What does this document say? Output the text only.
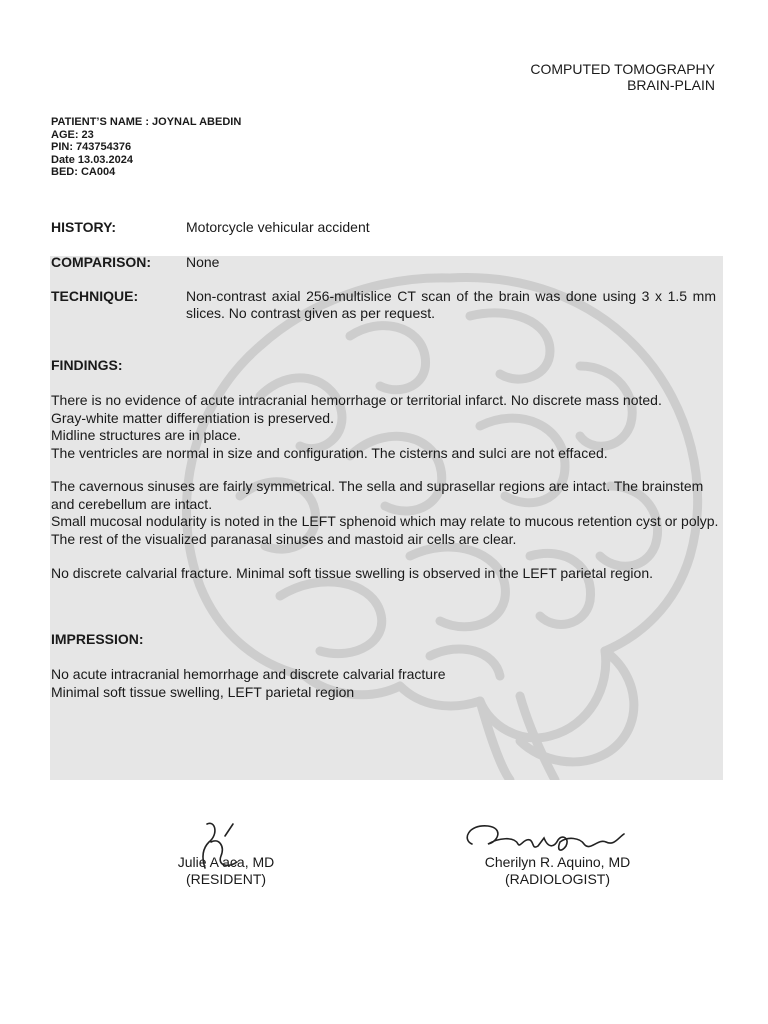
COMPUTED TOMOGRAPHY
BRAIN-PLAIN
PATIENT’S NAME : JOYNAL ABEDIN
AGE: 23
PIN: 743754376
Date 13.03.2024
BED: CA004
HISTORY:	Motorcycle vehicular accident
COMPARISON: None
TECHNIQUE:	Non-contrast axial 256-multislice CT scan of the brain was done using 3 x 1.5 mm slices. No contrast given as per request.
FINDINGS:
There is no evidence of acute intracranial hemorrhage or territorial infarct. No discrete mass noted.
Gray-white matter differentiation is preserved.
Midline structures are in place.
The ventricles are normal in size and configuration. The cisterns and sulci are not effaced.
The cavernous sinuses are fairly symmetrical. The sella and suprasellar regions are intact. The brainstem
and cerebellum are intact.
Small mucosal nodularity is noted in the LEFT sphenoid which may relate to mucous retention cyst or polyp.
The rest of the visualized paranasal sinuses and mastoid air cells are clear.
No discrete calvarial fracture. Minimal soft tissue swelling is observed in the LEFT parietal region.
IMPRESSION:
No acute intracranial hemorrhage and discrete calvarial fracture
Minimal soft tissue swelling, LEFT parietal region
Julie A aca, MD
(RESIDENT)
Cherilyn R. Aquino, MD
(RADIOLOGIST)
